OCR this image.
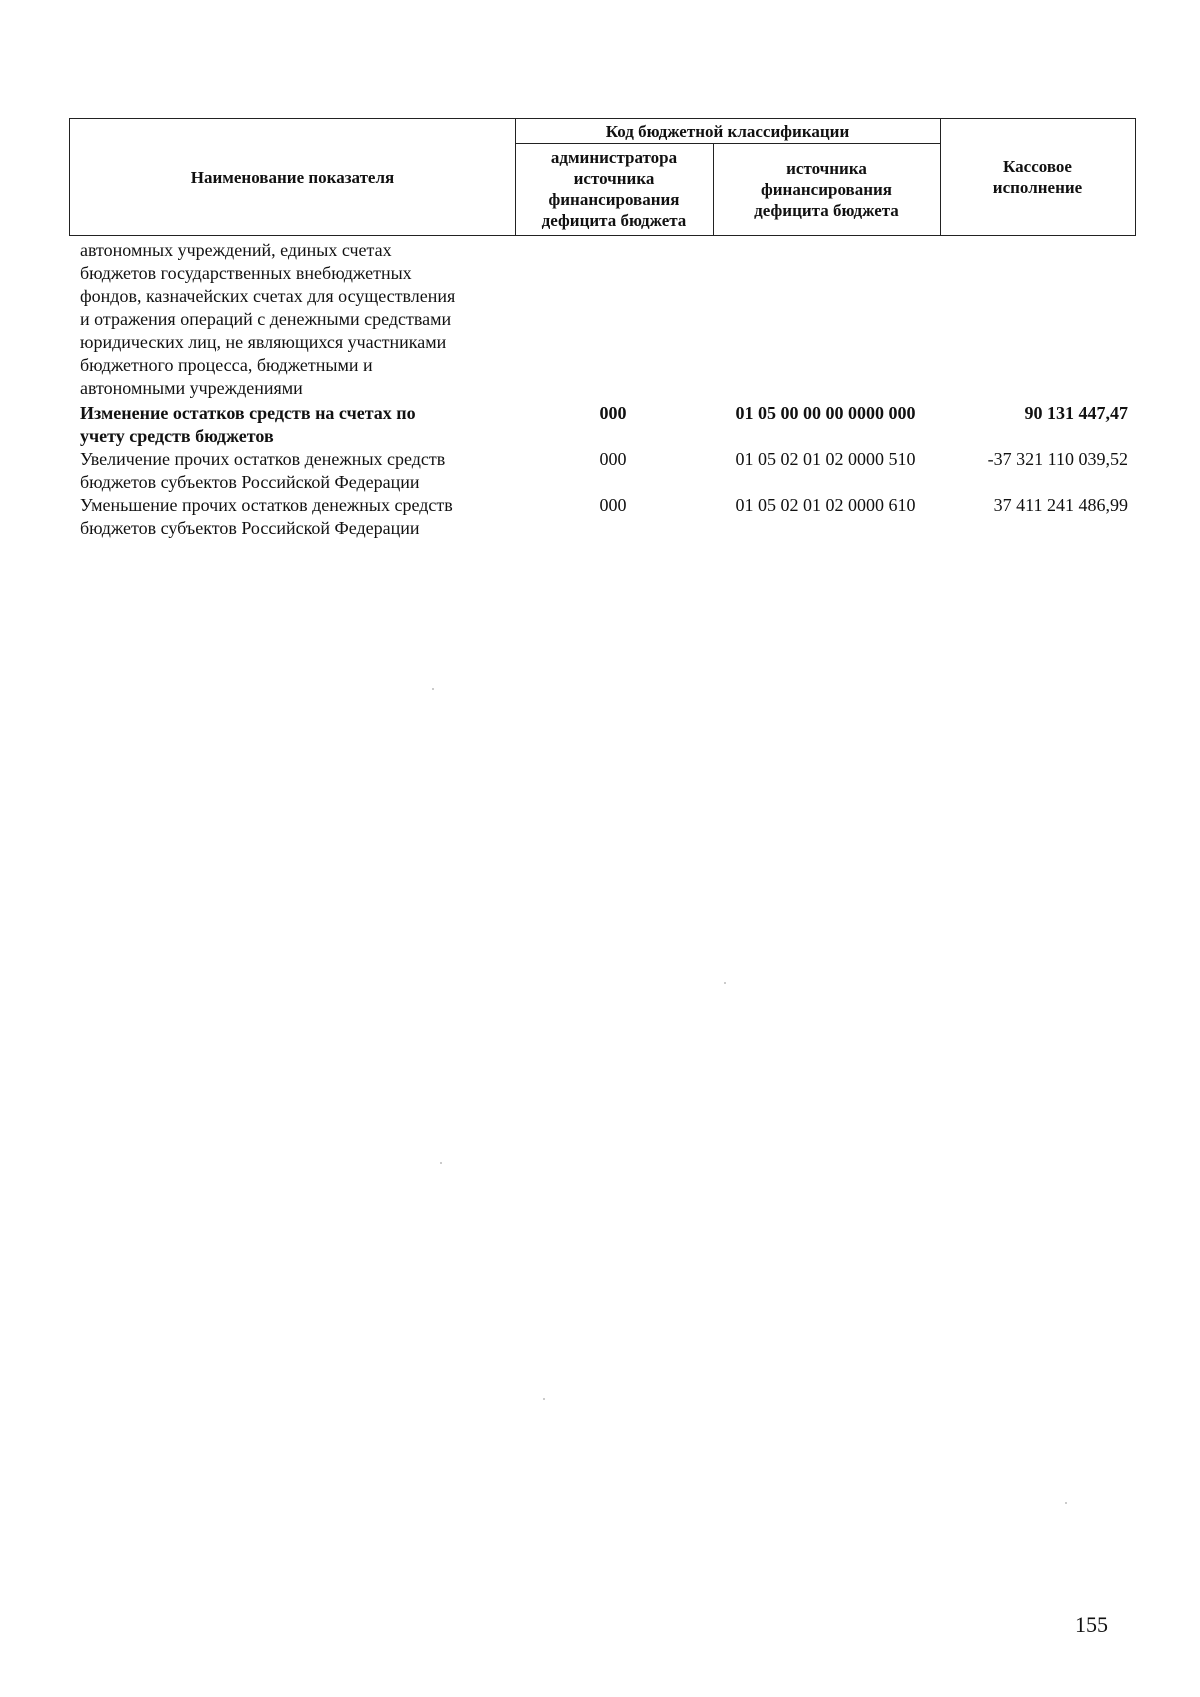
Наименование показателя
Код бюджетной классификации
администратора источника финансирования дефицита бюджета
источника финансирования дефицита бюджета
Кассовое исполнение
автономных учреждений, единых счетах
бюджетов государственных внебюджетных
фондов, казначейских счетах для осуществления
и отражения операций с денежными средствами
юридических лиц, не являющихся участниками
бюджетного процесса, бюджетными и
автономными учреждениями
Изменение остатков средств на счетах по
учету средств бюджетов
000	01 05 00 00 00 0000 000	90 131 447,47
Увеличение прочих остатков денежных средств
бюджетов субъектов Российской Федерации
000	01 05 02 01 02 0000 510	-37 321 110 039,52
Уменьшение прочих остатков денежных средств
бюджетов субъектов Российской Федерации
000	01 05 02 01 02 0000 610	37 411 241 486,99
155
